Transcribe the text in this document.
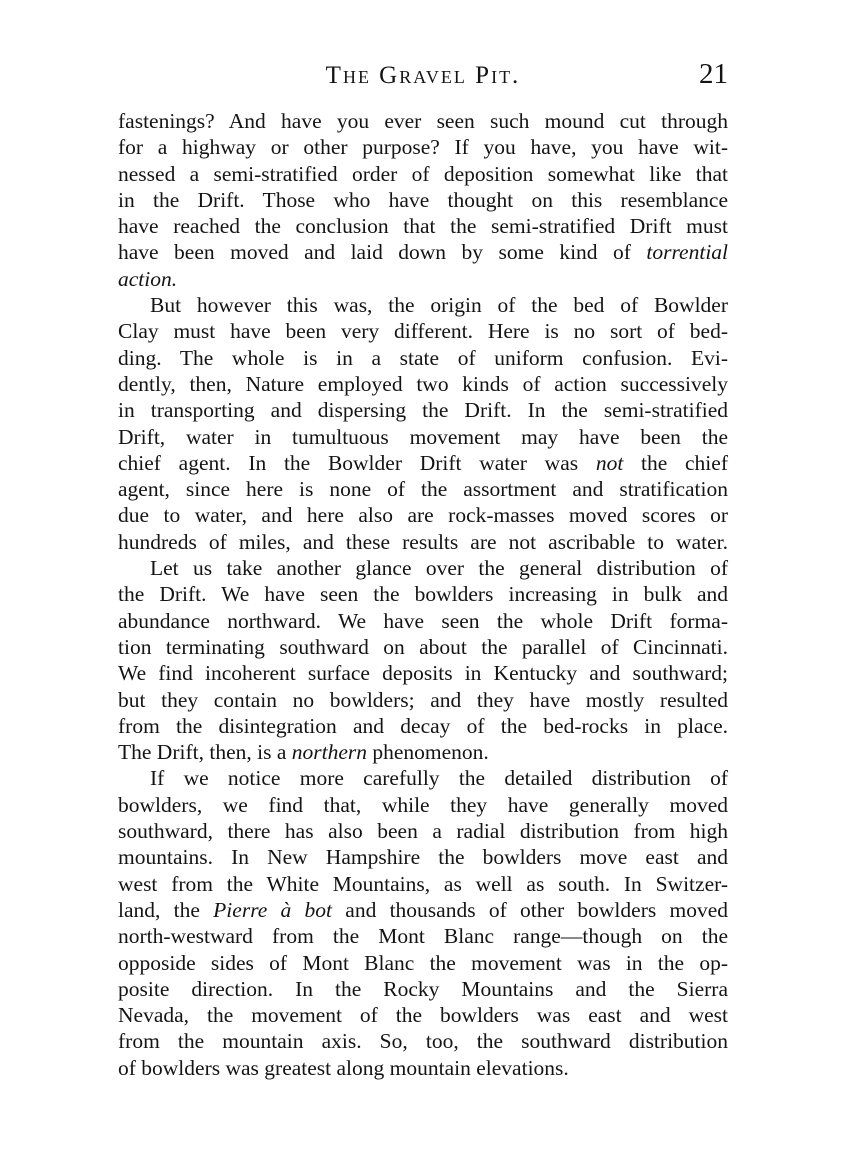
The Gravel Pit.	21

fastenings? And have you ever seen such mound cut through
for a highway or other purpose? If you have, you have wit-
nessed a semi-stratified order of deposition somewhat like that
in the Drift. Those who have thought on this resemblance
have reached the conclusion that the semi-stratified Drift must
have been moved and laid down by some kind of torrential
action.

But however this was, the origin of the bed of Bowlder
Clay must have been very different. Here is no sort of bed-
ding. The whole is in a state of uniform confusion. Evi-
dently, then, Nature employed two kinds of action successively
in transporting and dispersing the Drift. In the semi-stratified
Drift, water in tumultuous movement may have been the
chief agent. In the Bowlder Drift water was not the chief
agent, since here is none of the assortment and stratification
due to water, and here also are rock-masses moved scores or
hundreds of miles, and these results are not ascribable to water.

Let us take another glance over the general distribution of
the Drift. We have seen the bowlders increasing in bulk and
abundance northward. We have seen the whole Drift forma-
tion terminating southward on about the parallel of Cincinnati.
We find incoherent surface deposits in Kentucky and southward;
but they contain no bowlders; and they have mostly resulted
from the disintegration and decay of the bed-rocks in place.
The Drift, then, is a northern phenomenon.

If we notice more carefully the detailed distribution of
bowlders, we find that, while they have generally moved
southward, there has also been a radial distribution from high
mountains. In New Hampshire the bowlders move east and
west from the White Mountains, as well as south. In Switzer-
land, the Pierre à bot and thousands of other bowlders moved
north-westward from the Mont Blanc range—though on the
opposide sides of Mont Blanc the movement was in the op-
posite direction. In the Rocky Mountains and the Sierra
Nevada, the movement of the bowlders was east and west
from the mountain axis. So, too, the southward distribution
of bowlders was greatest along mountain elevations.
